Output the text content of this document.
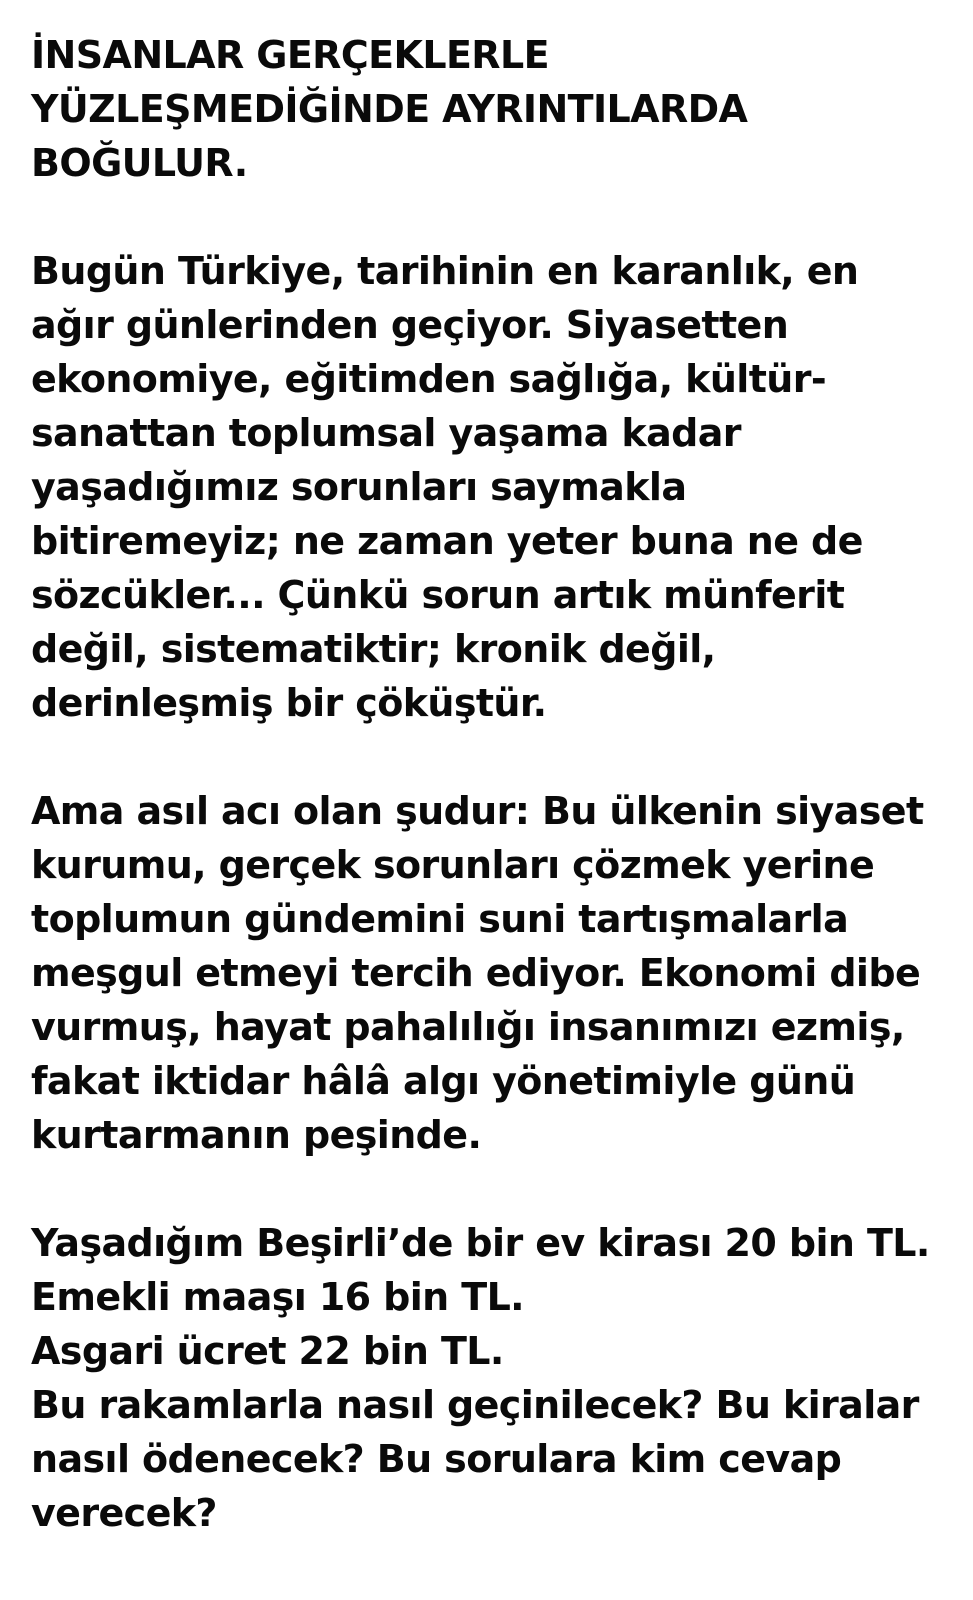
İNSANLAR GERÇEKLERLE
YÜZLEŞMEDİĞİNDE AYRINTILARDA
BOĞULUR.
Bugün Türkiye, tarihinin en karanlık, en
ağır günlerinden geçiyor. Siyasetten
ekonomiye, eğitimden sağlığa, kültür-
sanattan toplumsal yaşama kadar
yaşadığımız sorunları saymakla
bitiremeyiz; ne zaman yeter buna ne de
sözcükler... Çünkü sorun artık münferit
değil, sistematiktir; kronik değil,
derinleşmiş bir çöküştür.
Ama asıl acı olan şudur: Bu ülkenin siyaset
kurumu, gerçek sorunları çözmek yerine
toplumun gündemini suni tartışmalarla
meşgul etmeyi tercih ediyor. Ekonomi dibe
vurmuş, hayat pahalılığı insanımızı ezmiş,
fakat iktidar hâlâ algı yönetimiyle günü
kurtarmanın peşinde.
Yaşadığım Beşirli’de bir ev kirası 20 bin TL.
Emekli maaşı 16 bin TL.
Asgari ücret 22 bin TL.
Bu rakamlarla nasıl geçinilecek? Bu kiralar
nasıl ödenecek? Bu sorulara kim cevap
verecek?
